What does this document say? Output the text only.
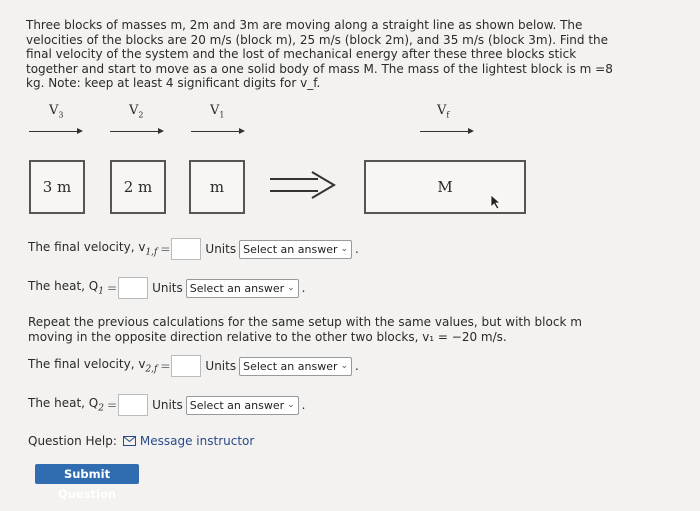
Three blocks of masses m, 2m and 3m are moving along a straight line as shown below. The velocities of the blocks are 20 m/s (block m), 25 m/s (block 2m), and 35 m/s (block 3m). Find the final velocity of the system and the lost of mechanical energy after these three blocks stick together and start to move as a one solid body of mass M. The mass of the lightest block is m =8 kg. Note: keep at least 4 significant digits for v_f.
$V_3$	$V_2$	$V_1$	$V_f$
3 m	2 m	m	M
The final velocity, $v_{1,f}$ =	Units Select an answer ⌄ .
The heat, $Q_1$ =	Units Select an answer ⌄ .
Repeat the previous calculations for the same setup with the same values, but with block m moving in the opposite direction relative to the other two blocks, v₁ = −20 m/s.
The final velocity, $v_{2,f}$ =	Units Select an answer ⌄ .
The heat, $Q_2$ =	Units Select an answer ⌄ .
Question Help: Message instructor
Submit Question
